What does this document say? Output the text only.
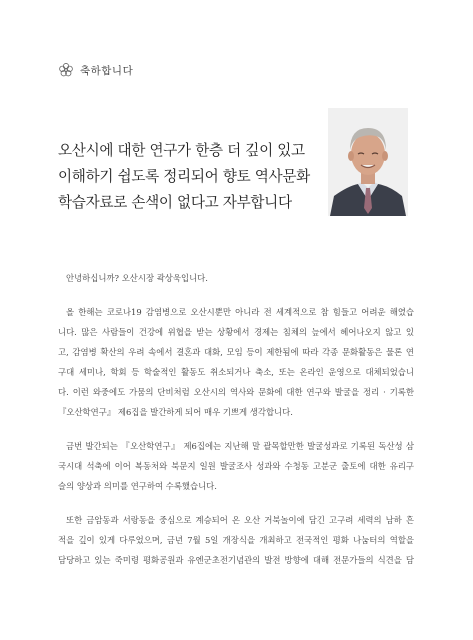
축하합니다
오산시에 대한 연구가 한층 더 깊이 있고
이해하기 쉽도록 정리되어 향토 역사문화
학습자료로 손색이 없다고 자부합니다

안녕하십니까? 오산시장 곽상욱입니다.

올 한해는 코로나19 감염병으로 오산시뿐만 아니라 전 세계적으로 참 힘들고 어려운 해였습
니다. 많은 사람들이 건강에 위협을 받는 상황에서 경제는 침체의 늪에서 헤어나오지 않고 있
고, 감염병 확산의 우려 속에서 결혼과 대화, 모임 등이 제한됨에 따라 각종 문화활동은 물론 연
구대 세미나, 학회 등 학술적인 활동도 취소되거나 축소, 또는 온라인 운영으로 대체되었습니
다. 이런 와중에도 가뭄의 단비처럼 오산시의 역사와 문화에 대한 연구와 발굴을 정리 · 기록한
『오산학연구』 제6집을 발간하게 되어 매우 기쁘게 생각합니다.

금번 발간되는 『오산학연구』 제6집에는 지난해 말 괄목할만한 발굴성과로 기록된 독산성 삼
국시대 석축에 이어 복동처와 북문지 일원 발굴조사 성과와 수청동 고분군 출토에 대한 유리구
슬의 양상과 의미를 연구하여 수록했습니다.

또한 금암동과 서랑동을 중심으로 계승되어 온 오산 거북놀이에 담긴 고구려 세력의 남하 흔
적을 깊이 있게 다루었으며, 금년 7월 5일 개장식을 개최하고 전국적인 평화 나눔터의 역할을
담당하고 있는 죽미령 평화공원과 유엔군초전기념관의 발전 방향에 대해 전문가들의 식견을 담
